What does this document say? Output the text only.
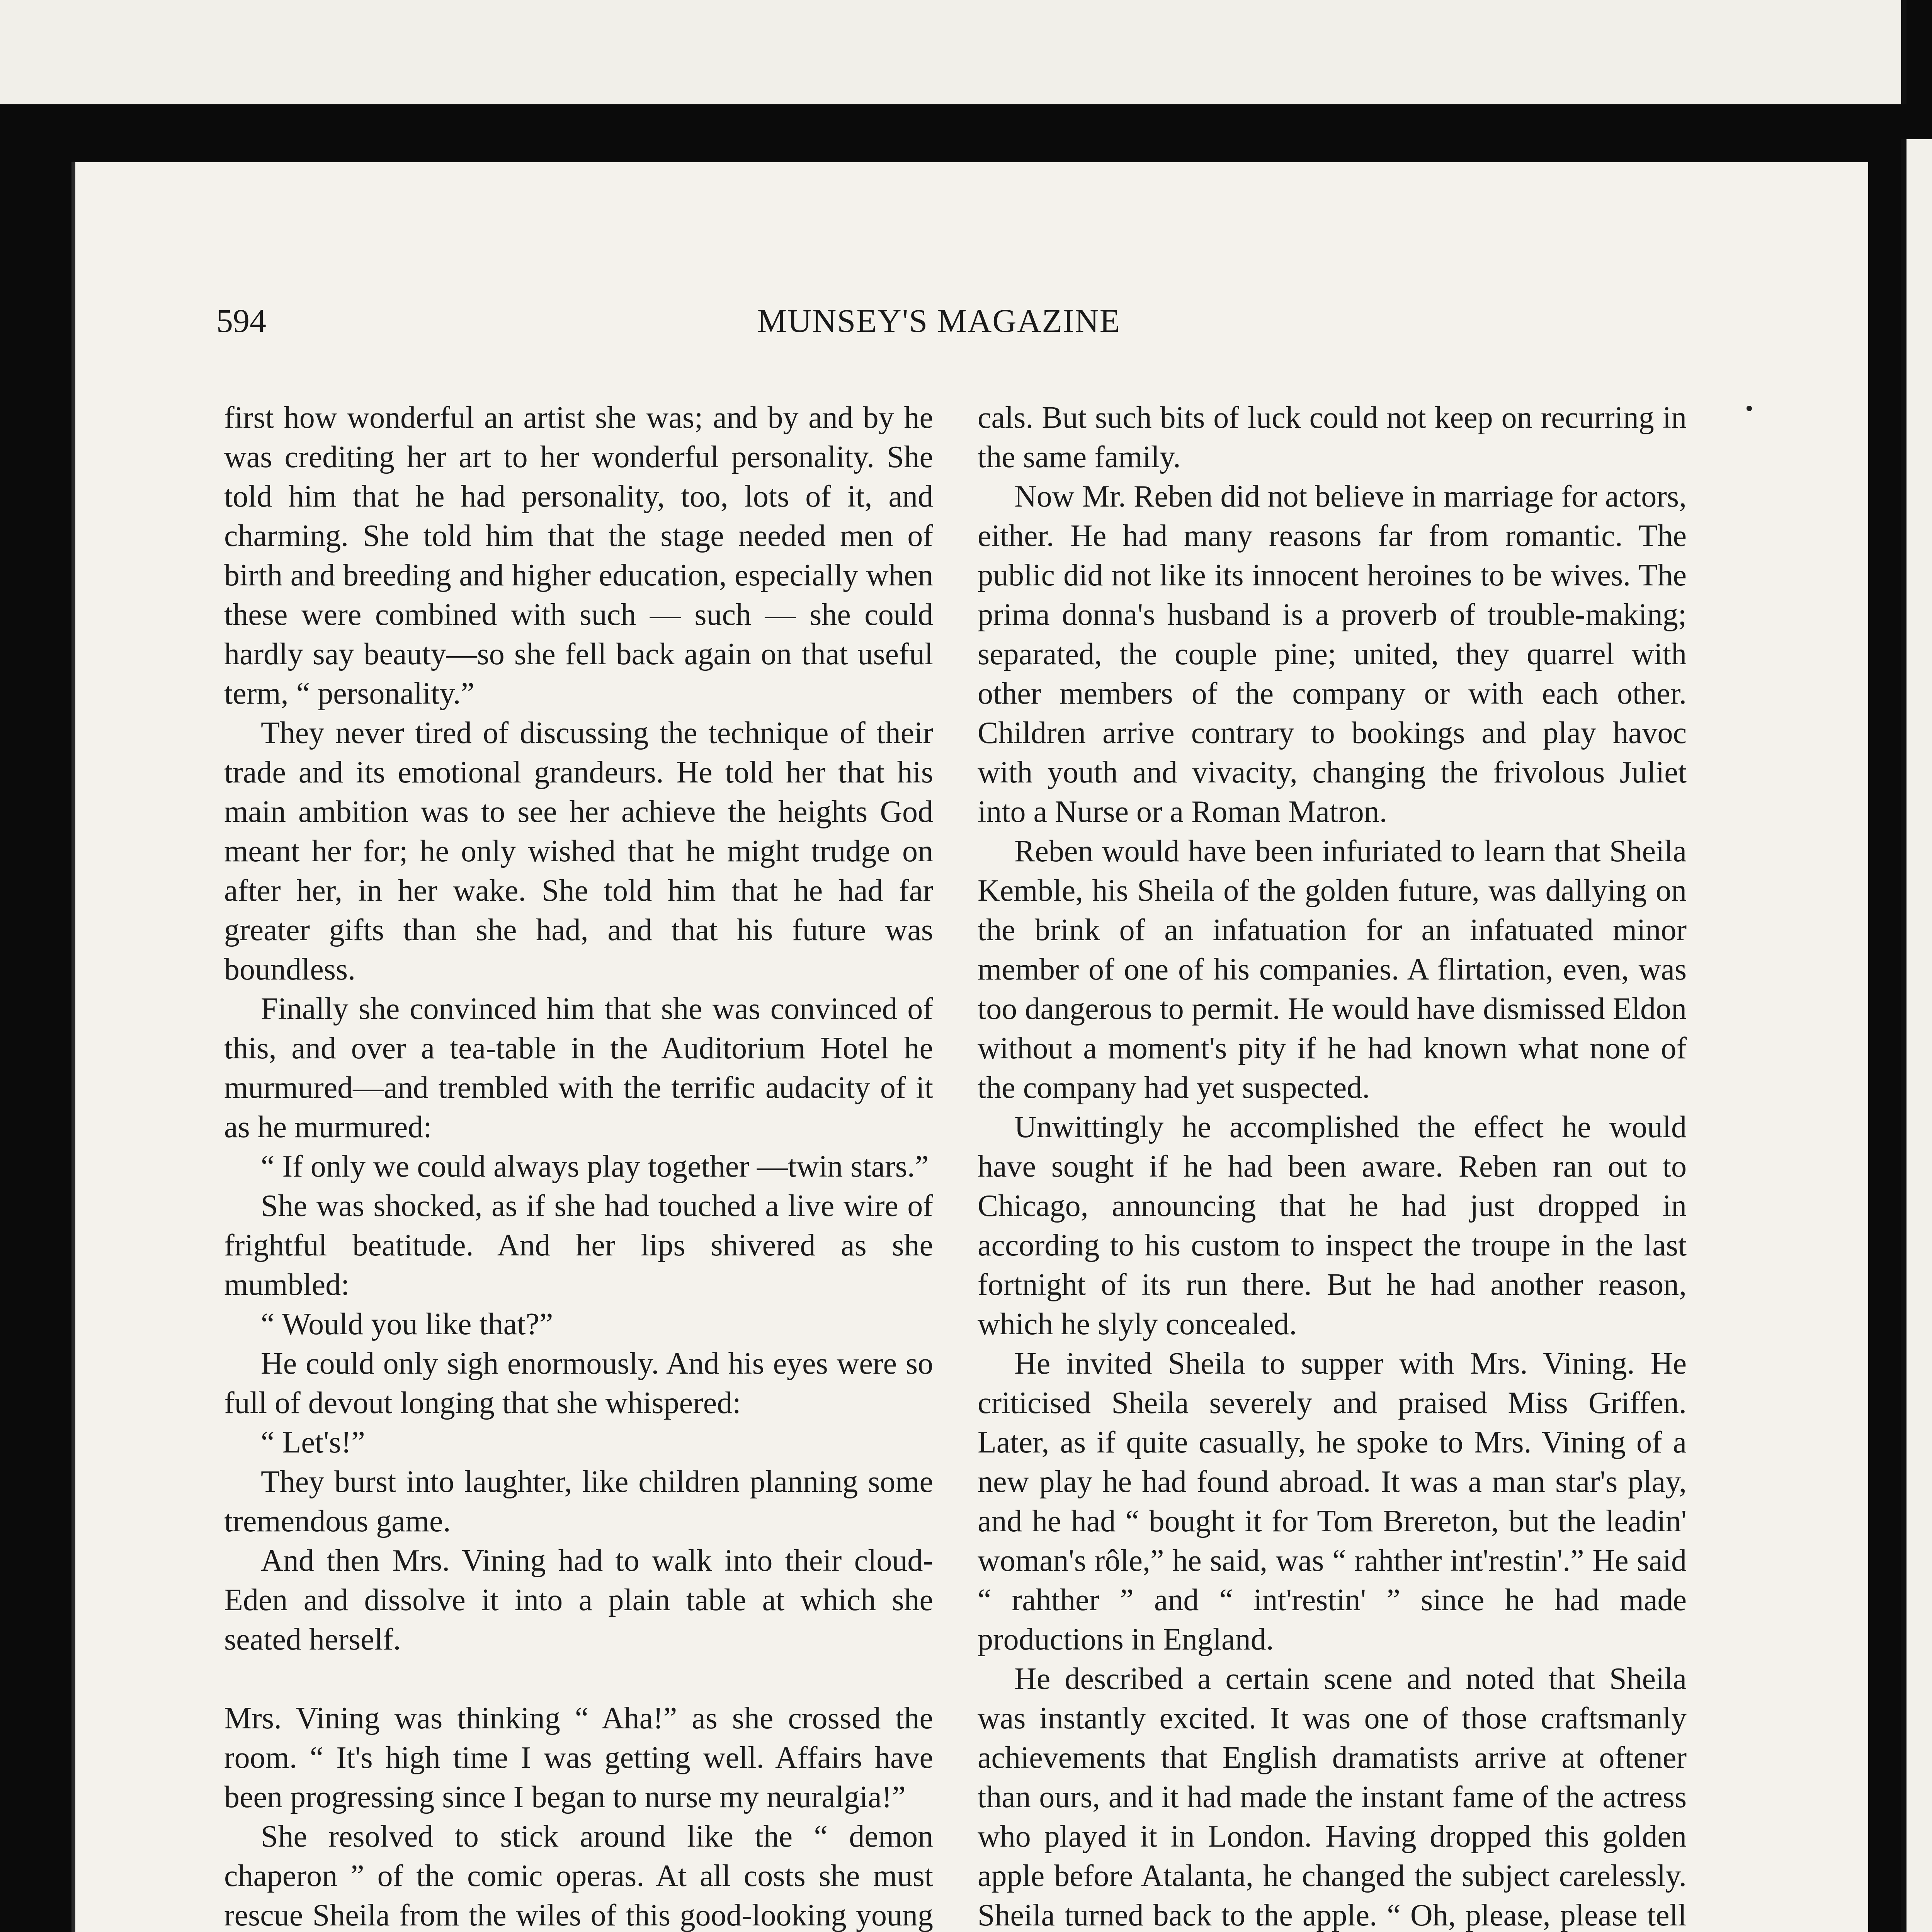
594	MUNSEY'S MAGAZINE

first how wonderful an artist she was; and by and by he was crediting her art to her wonderful personality. She told him that he had personality, too, lots of it, and charming. She told him that the stage needed men of birth and breeding and higher education, especially when these were combined with such — such — she could hardly say beauty—so she fell back again on that useful term, “ personality.”

They never tired of discussing the technique of their trade and its emotional grandeurs. He told her that his main ambition was to see her achieve the heights God meant her for; he only wished that he might trudge on after her, in her wake. She told him that he had far greater gifts than she had, and that his future was boundless.

Finally she convinced him that she was convinced of this, and over a tea-table in the Auditorium Hotel he murmured—and trembled with the terrific audacity of it as he murmured:

“ If only we could always play together —twin stars.”

She was shocked, as if she had touched a live wire of frightful beatitude. And her lips shivered as she mumbled:

“ Would you like that?”

He could only sigh enormously. And his eyes were so full of devout longing that she whispered:

“ Let's!”

They burst into laughter, like children planning some tremendous game.

And then Mrs. Vining had to walk into their cloud-Eden and dissolve it into a plain table at which she seated herself.

Mrs. Vining was thinking “ Aha!” as she crossed the room. “ It's high time I was getting well. Affairs have been progressing since I began to nurse my neuralgia!”

She resolved to stick around like the “ demon chaperon ” of the comic operas. At all costs she must rescue Sheila from the wiles of this good-looking young

cals. But such bits of luck could not keep on recurring in the same family.

Now Mr. Reben did not believe in marriage for actors, either. He had many reasons far from romantic. The public did not like its innocent heroines to be wives. The prima donna's husband is a proverb of trouble-making; separated, the couple pine; united, they quarrel with other members of the company or with each other. Children arrive contrary to bookings and play havoc with youth and vivacity, changing the frivolous Juliet into a Nurse or a Roman Matron.

Reben would have been infuriated to learn that Sheila Kemble, his Sheila of the golden future, was dallying on the brink of an infatuation for an infatuated minor member of one of his companies. A flirtation, even, was too dangerous to permit. He would have dismissed Eldon without a moment's pity if he had known what none of the company had yet suspected.

Unwittingly he accomplished the effect he would have sought if he had been aware. Reben ran out to Chicago, announcing that he had just dropped in according to his custom to inspect the troupe in the last fortnight of its run there. But he had another reason, which he slyly concealed.

He invited Sheila to supper with Mrs. Vining. He criticised Sheila severely and praised Miss Griffen. Later, as if quite casually, he spoke to Mrs. Vining of a new play he had found abroad. It was a man star's play, and he had “ bought it for Tom Brereton, but the leadin' woman's rôle,” he said, was “ rahther int'restin'.” He said “ rahther ” and “ int'restin' ” since he had made productions in England.

He described a certain scene and noted that Sheila was instantly excited. It was one of those craftsmanly achievements that English dramatists arrive at oftener than ours, and it had made the instant fame of the actress who played it in London. Having dropped this golden apple before Atalanta, he changed the subject carelessly. Sheila turned back to the apple. “ Oh, please, please tell
